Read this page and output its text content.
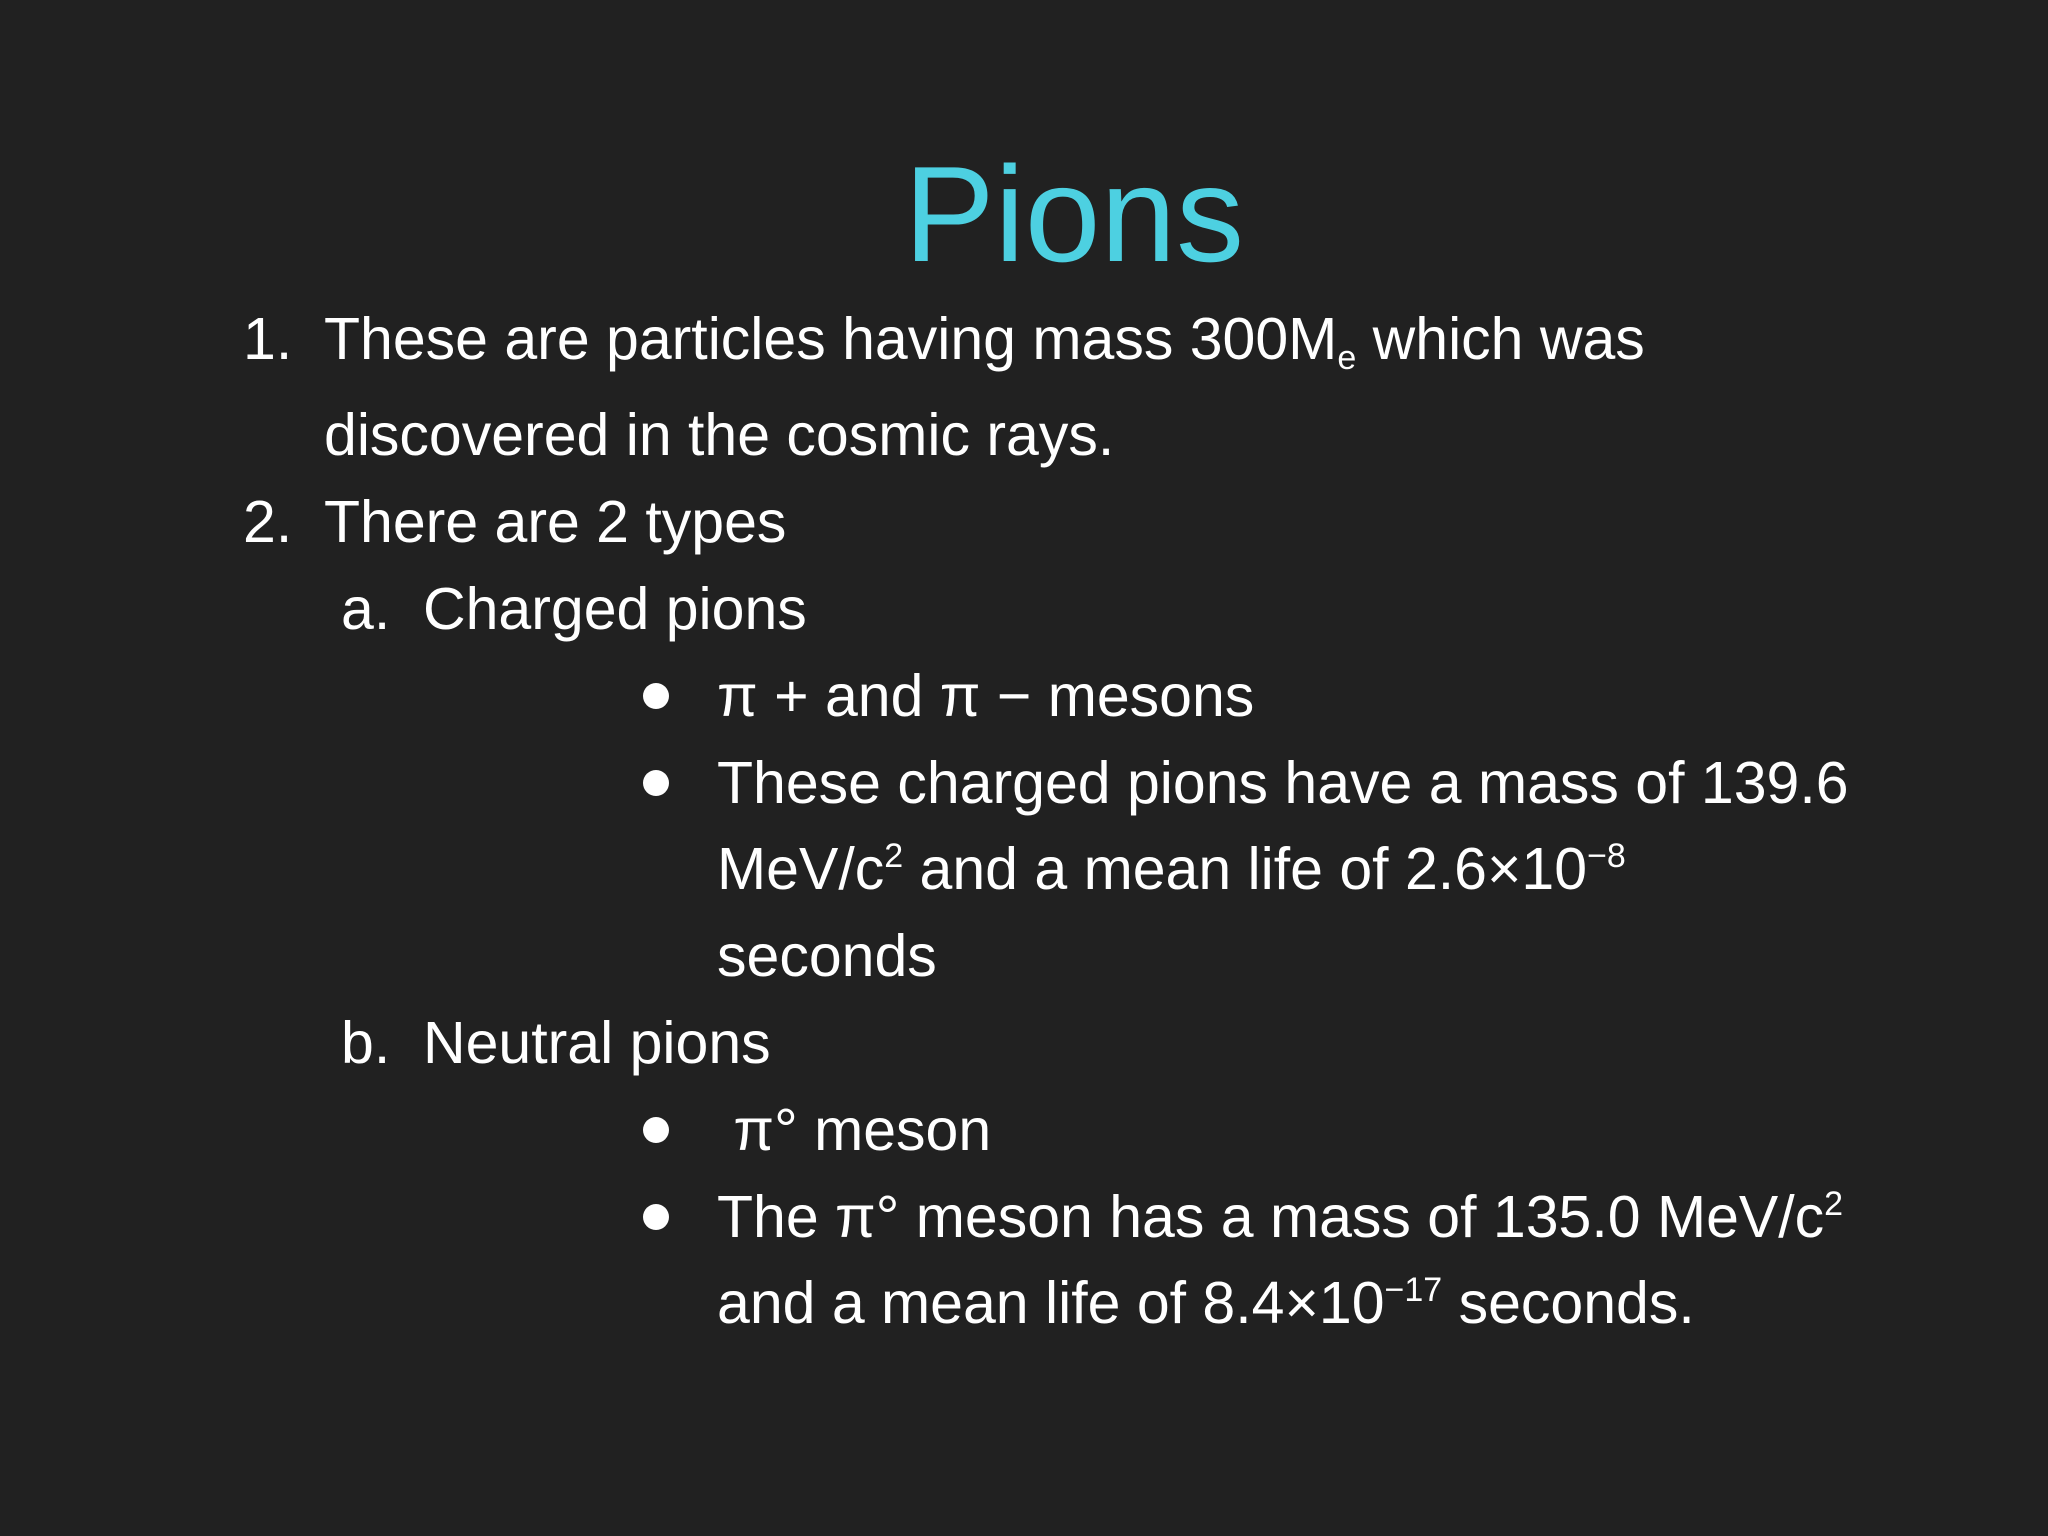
Pions
1. These are particles having mass $300M_e$ which was
discovered in the cosmic rays.
2. There are 2 types
a. Charged pions
π + and π − mesons
These charged pions have a mass of 139.6
MeV/$c^2$ and a mean life of $2.6\times 10^{-8}$
seconds
b. Neutral pions
π° meson
The π° meson has a mass of 135.0 MeV/$c^2$
and a mean life of $8.4\times 10^{-17}$ seconds.
